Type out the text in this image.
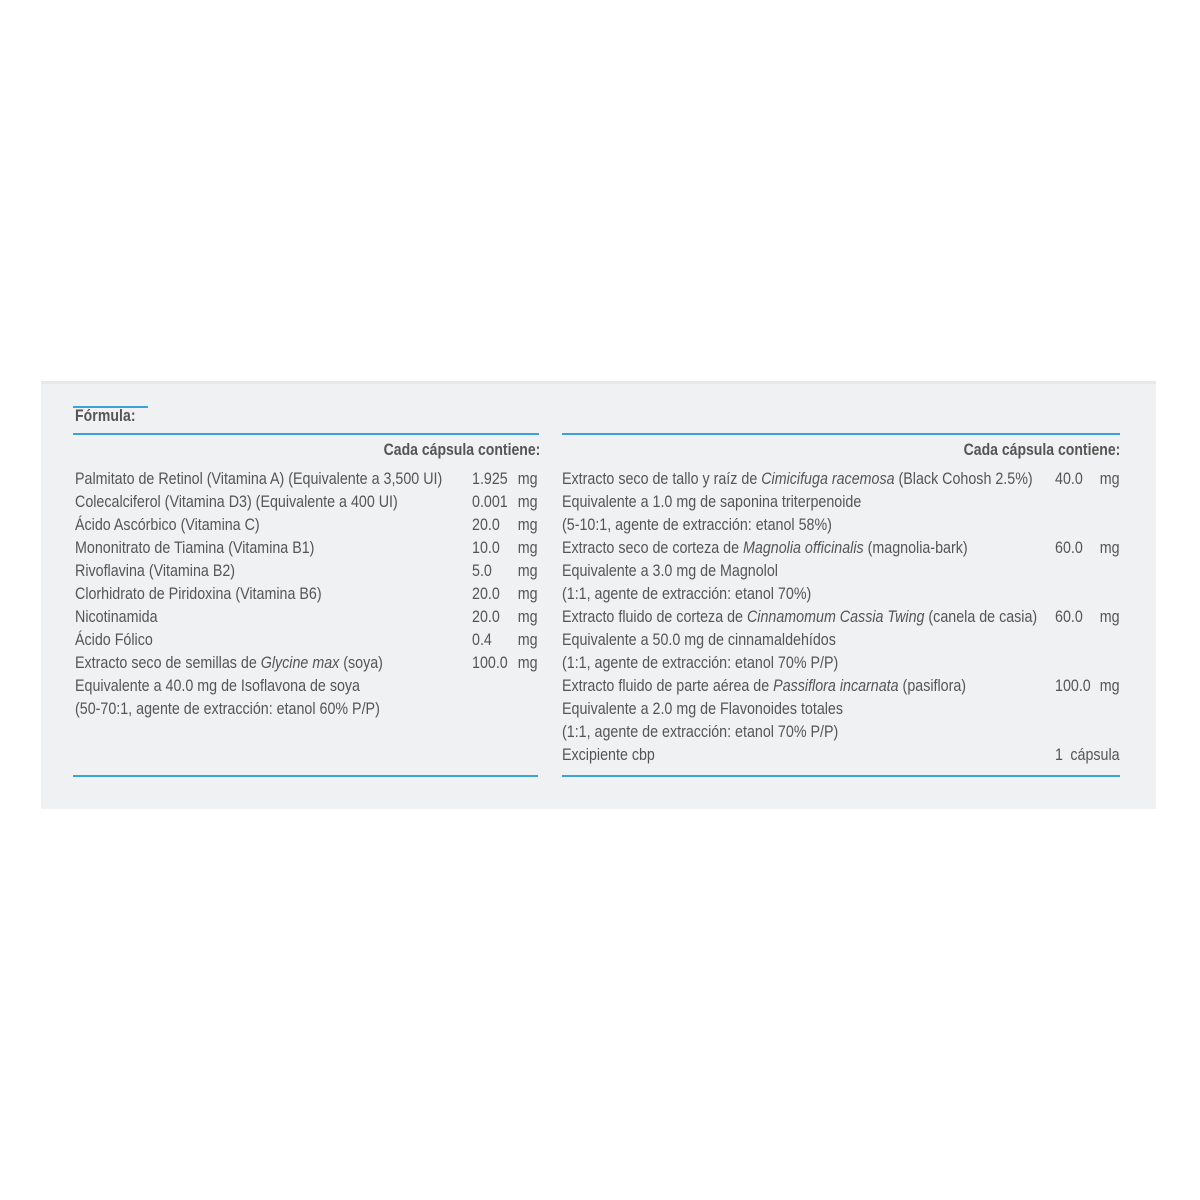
Fórmula:
Cada cápsula contiene:
Palmitato de Retinol (Vitamina A) (Equivalente a 3,500 UI) 1.925 mg
Colecalciferol (Vitamina D3) (Equivalente a 400 UI)	0.001 mg
Ácido Ascórbico (Vitamina C)	20.0 mg
Mononitrato de Tiamina (Vitamina B1)	10.0 mg
Rivoflavina (Vitamina B2)	5.0 mg
Clorhidrato de Piridoxina (Vitamina B6)	20.0 mg
Nicotinamida	20.0 mg
Ácido Fólico	0.4 mg
Extracto seco de semillas de Glycine max (soya)	100.0 mg
Equivalente a 40.0 mg de Isoflavona de soya
(50-70:1, agente de extracción: etanol 60% P/P)
Cada cápsula contiene:
Extracto seco de tallo y raíz de Cimicifuga racemosa (Black Cohosh 2.5%) 40.0 mg
Equivalente a 1.0 mg de saponina triterpenoide
(5-10:1, agente de extracción: etanol 58%)
Extracto seco de corteza de Magnolia officinalis (magnolia-bark)	60.0 mg
Equivalente a 3.0 mg de Magnolol
(1:1, agente de extracción: etanol 70%)
Extracto fluido de corteza de Cinnamomum Cassia Twing (canela de casia) 60.0 mg
Equivalente a 50.0 mg de cinnamaldehídos
(1:1, agente de extracción: etanol 70% P/P)
Extracto fluido de parte aérea de Passiflora incarnata (pasiflora)	100.0 mg
Equivalente a 2.0 mg de Flavonoides totales
(1:1, agente de extracción: etanol 70% P/P)
Excipiente cbp	1 cápsula
